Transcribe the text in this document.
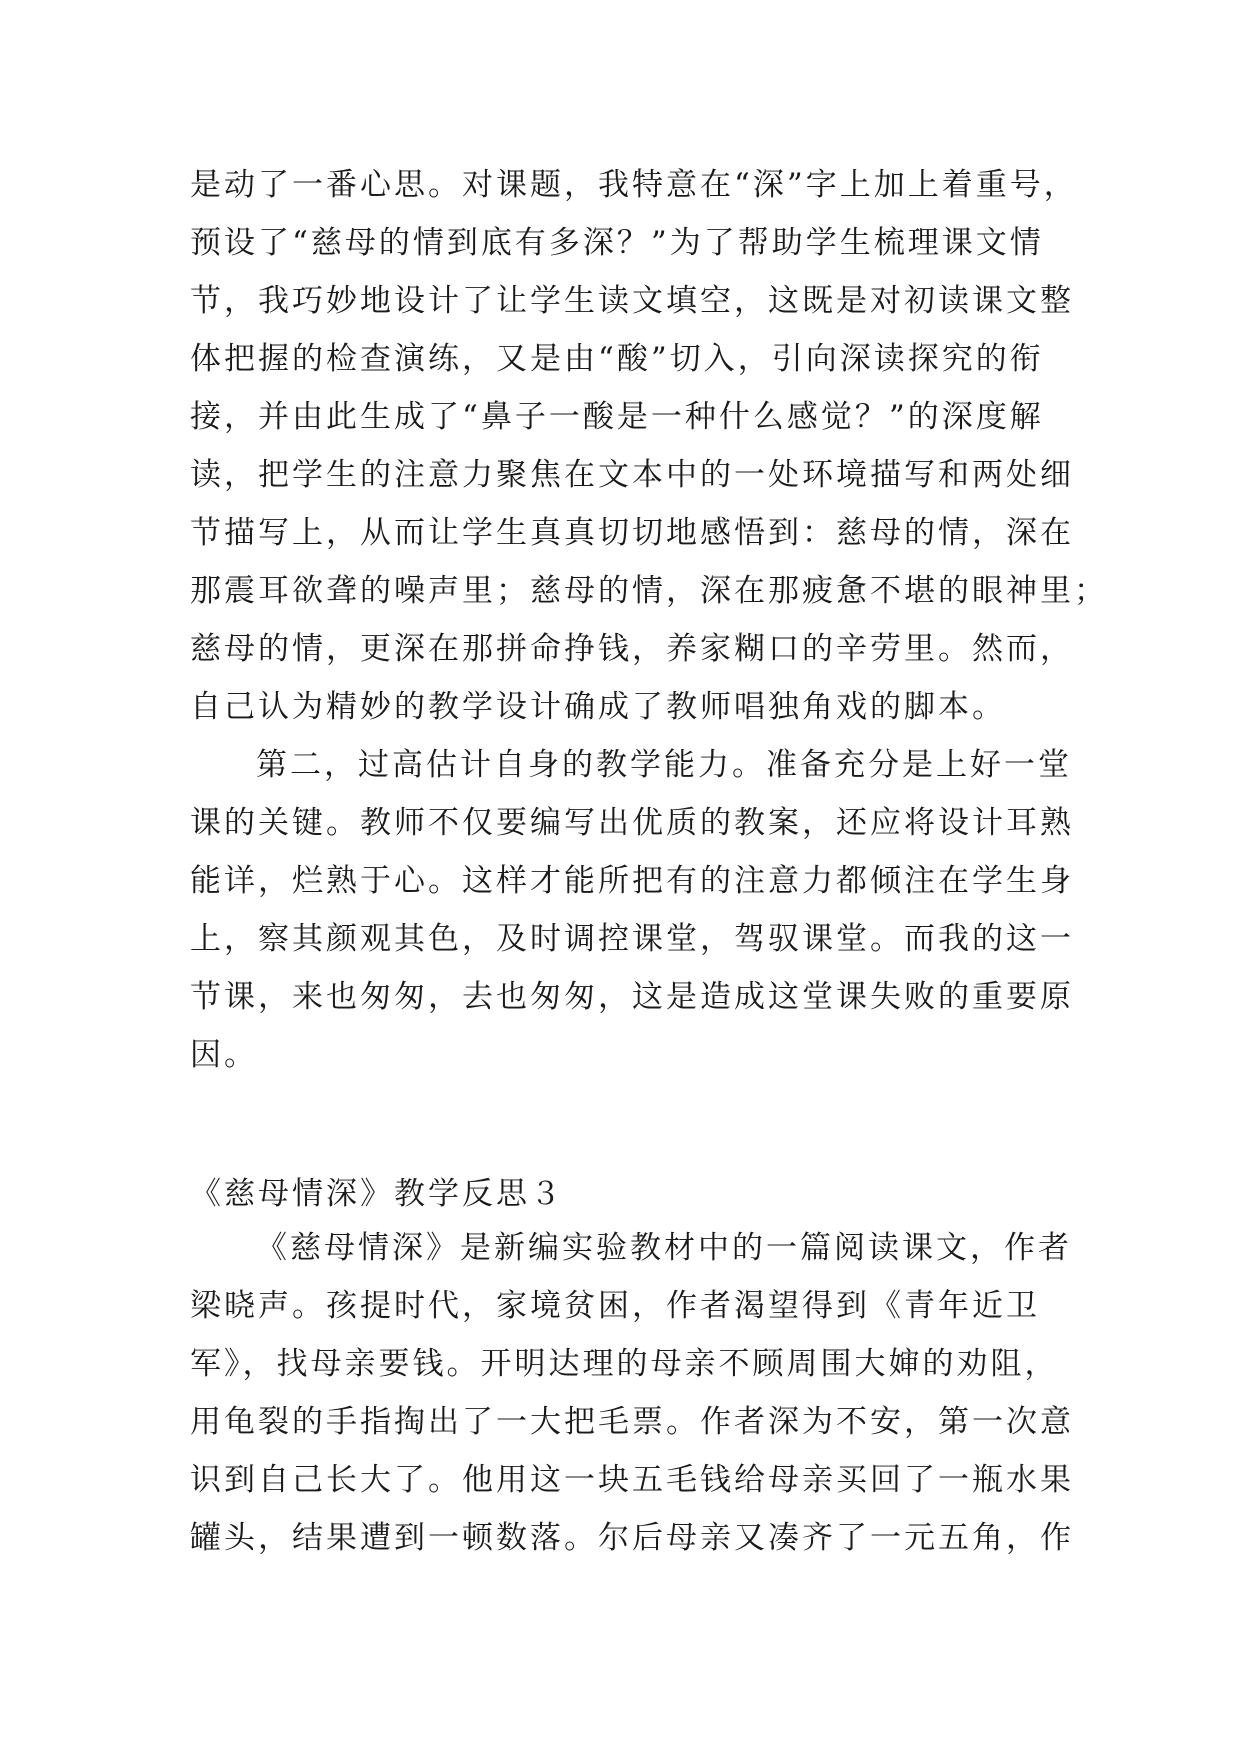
是动了一番心思。对课题，我特意在“深”字上加上着重号，
预设了“慈母的情到底有多深？”为了帮助学生梳理课文情
节，我巧妙地设计了让学生读文填空，这既是对初读课文整
体把握的检查演练，又是由“酸”切入，引向深读探究的衔
接，并由此生成了“鼻子一酸是一种什么感觉？”的深度解
读，把学生的注意力聚焦在文本中的一处环境描写和两处细
节描写上，从而让学生真真切切地感悟到：慈母的情，深在
那震耳欲聋的噪声里；慈母的情，深在那疲惫不堪的眼神里；
慈母的情，更深在那拼命挣钱，养家糊口的辛劳里。然而，
自己认为精妙的教学设计确成了教师唱独角戏的脚本。
第二，过高估计自身的教学能力。准备充分是上好一堂
课的关键。教师不仅要编写出优质的教案，还应将设计耳熟
能详，烂熟于心。这样才能所把有的注意力都倾注在学生身
上，察其颜观其色，及时调控课堂，驾驭课堂。而我的这一
节课，来也匆匆，去也匆匆，这是造成这堂课失败的重要原
因。
《慈母情深》教学反思３
《慈母情深》是新编实验教材中的一篇阅读课文，作者
梁晓声。孩提时代，家境贫困，作者渴望得到《青年近卫
军》，找母亲要钱。开明达理的母亲不顾周围大婶的劝阻，
用龟裂的手指掏出了一大把毛票。作者深为不安，第一次意
识到自己长大了。他用这一块五毛钱给母亲买回了一瓶水果
罐头，结果遭到一顿数落。尔后母亲又凑齐了一元五角，作
